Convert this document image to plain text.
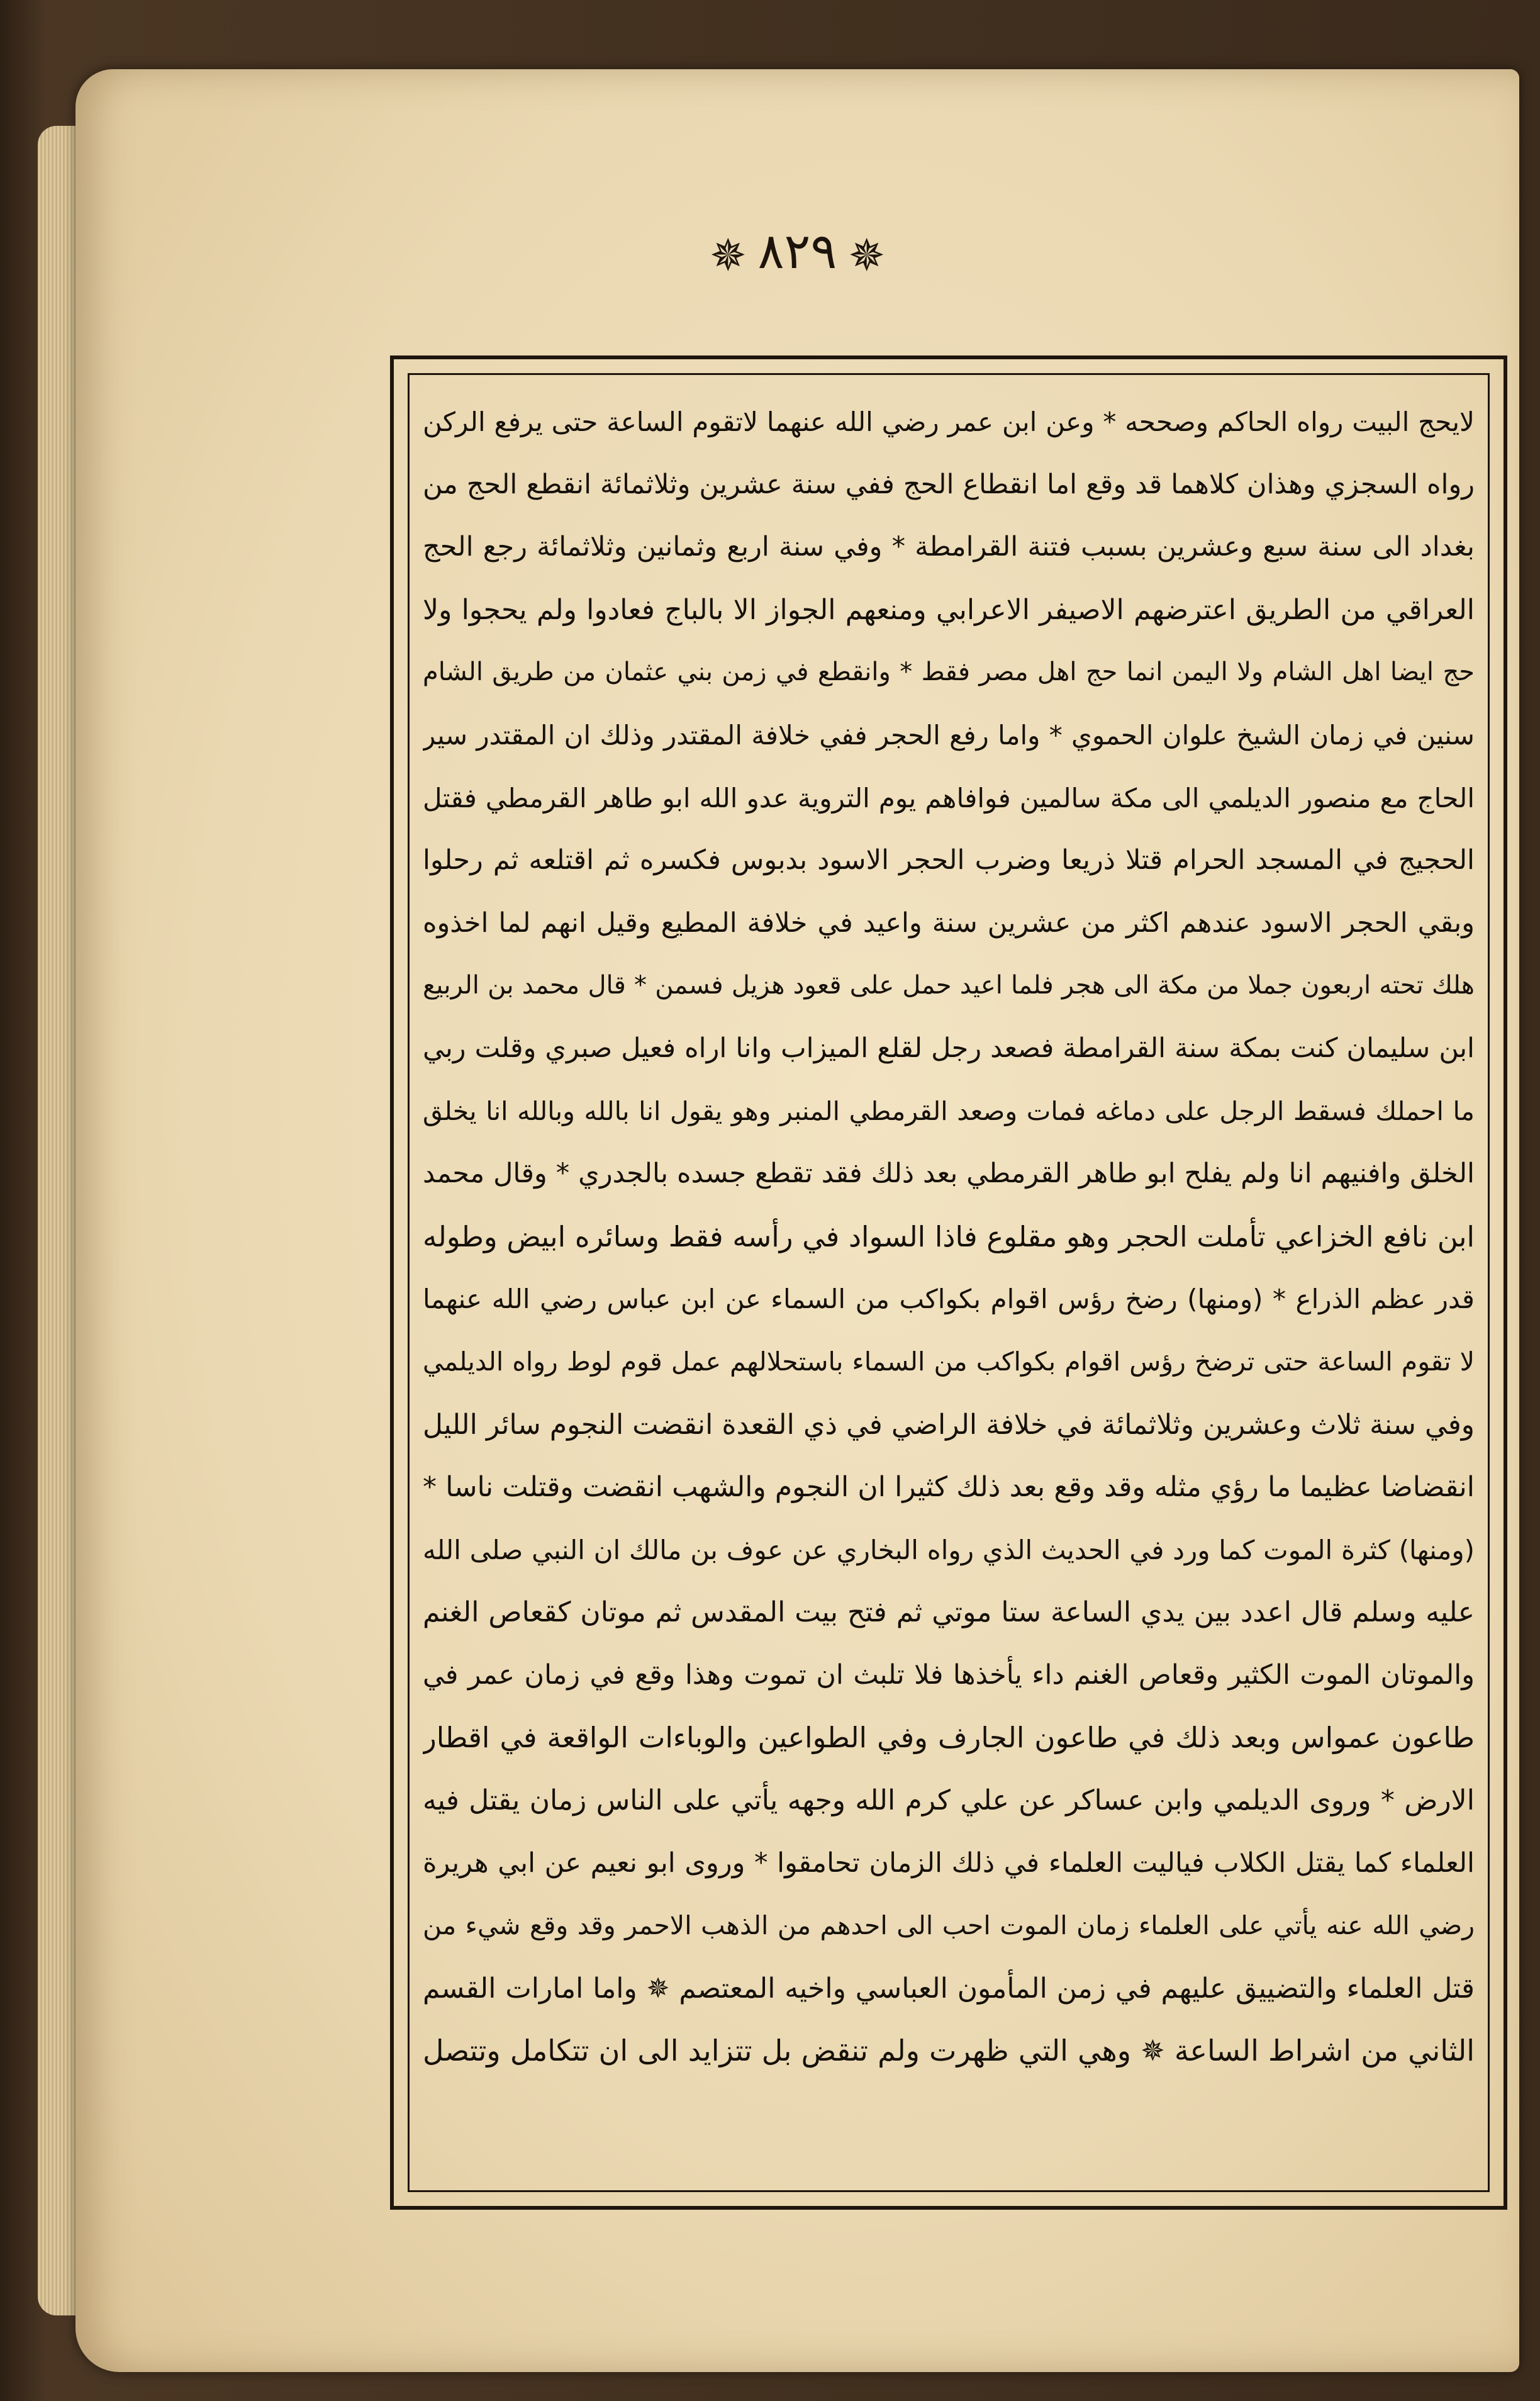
✵٨٢٩✵
لايحج البيت رواه الحاكم وصححه * وعن ابن عمر رضي الله عنهما لاتقوم الساعة حتى يرفع الركن
رواه السجزي وهذان كلاهما قد وقع اما انقطاع الحج ففي سنة عشرين وثلاثمائة انقطع الحج من
بغداد الى سنة سبع وعشرين بسبب فتنة القرامطة * وفي سنة اربع وثمانين وثلاثمائة رجع الحج
العراقي من الطريق اعترضهم الاصيفر الاعرابي ومنعهم الجواز الا بالباج فعادوا ولم يحجوا ولا
حج ايضا اهل الشام ولا اليمن انما حج اهل مصر فقط * وانقطع في زمن بني عثمان من طريق الشام
سنين في زمان الشيخ علوان الحموي * واما رفع الحجر ففي خلافة المقتدر وذلك ان المقتدر سير
الحاج مع منصور الديلمي الى مكة سالمين فوافاهم يوم التروية عدو الله ابو طاهر القرمطي فقتل
الحجيج في المسجد الحرام قتلا ذريعا وضرب الحجر الاسود بدبوس فكسره ثم اقتلعه ثم رحلوا
وبقي الحجر الاسود عندهم اكثر من عشرين سنة واعيد في خلافة المطيع وقيل انهم لما اخذوه
هلك تحته اربعون جملا من مكة الى هجر فلما اعيد حمل على قعود هزيل فسمن * قال محمد بن الربيع
ابن سليمان كنت بمكة سنة القرامطة فصعد رجل لقلع الميزاب وانا اراه فعيل صبري وقلت ربي
ما احملك فسقط الرجل على دماغه فمات وصعد القرمطي المنبر وهو يقول انا بالله وبالله انا يخلق
الخلق وافنيهم انا ولم يفلح ابو طاهر القرمطي بعد ذلك فقد تقطع جسده بالجدري * وقال محمد
ابن نافع الخزاعي تأملت الحجر وهو مقلوع فاذا السواد في رأسه فقط وسائره ابيض وطوله
قدر عظم الذراع * (ومنها) رضخ رؤس اقوام بكواكب من السماء عن ابن عباس رضي الله عنهما
لا تقوم الساعة حتى ترضخ رؤس اقوام بكواكب من السماء باستحلالهم عمل قوم لوط رواه الديلمي
وفي سنة ثلاث وعشرين وثلاثمائة في خلافة الراضي في ذي القعدة انقضت النجوم سائر الليل
انقضاضا عظيما ما رؤي مثله وقد وقع بعد ذلك كثيرا ان النجوم والشهب انقضت وقتلت ناسا *
(ومنها) كثرة الموت كما ورد في الحديث الذي رواه البخاري عن عوف بن مالك ان النبي صلى الله
عليه وسلم قال اعدد بين يدي الساعة ستا موتي ثم فتح بيت المقدس ثم موتان كقعاص الغنم
والموتان الموت الكثير وقعاص الغنم داء يأخذها فلا تلبث ان تموت وهذا وقع في زمان عمر في
طاعون عمواس وبعد ذلك في طاعون الجارف وفي الطواعين والوباءات الواقعة في اقطار
الارض * وروى الديلمي وابن عساكر عن علي كرم الله وجهه يأتي على الناس زمان يقتل فيه
العلماء كما يقتل الكلاب فياليت العلماء في ذلك الزمان تحامقوا * وروى ابو نعيم عن ابي هريرة
رضي الله عنه يأتي على العلماء زمان الموت احب الى احدهم من الذهب الاحمر وقد وقع شيء من
قتل العلماء والتضييق عليهم في زمن المأمون العباسي واخيه المعتصم ✵ واما امارات القسم
الثاني من اشراط الساعة ✵ وهي التي ظهرت ولم تنقض بل تتزايد الى ان تتكامل وتتصل
